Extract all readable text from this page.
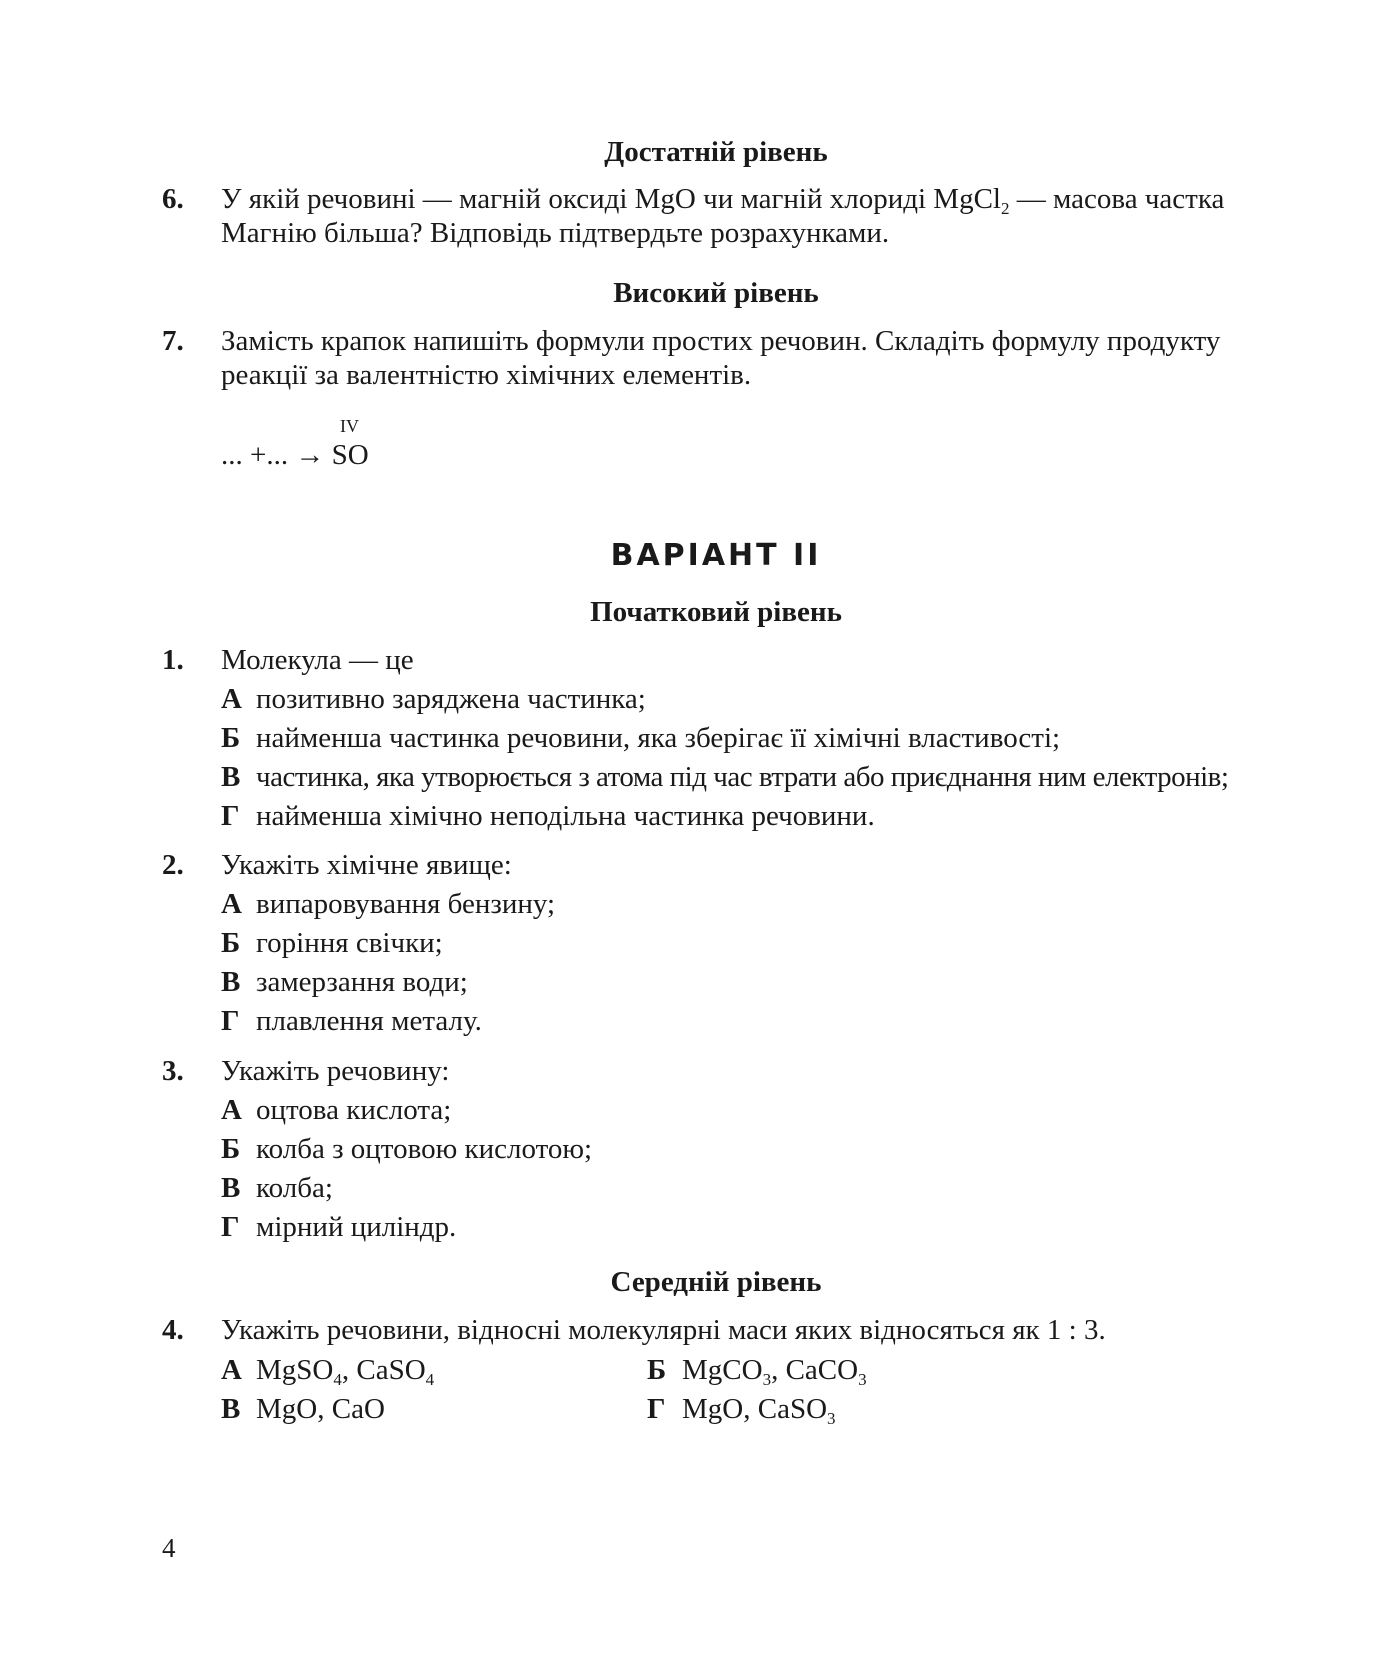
Достатній рівень
6. У якій речовині — магній оксиді MgO чи магній хлориді MgCl$_2$ — масова частка
Магнію більша? Відповідь підтвердьте розрахунками.
Високий рівень
7. Замість крапок напишіть формули простих речовин. Складіть формулу продукту
реакції за валентністю хімічних елементів.
IV
... +... → SO
ВАРІАНТ II
Початковий рівень
1. Молекула — це
А позитивно заряджена частинка;
Б найменша частинка речовини, яка зберігає її хімічні властивості;
В частинка, яка утворюється з атома під час втрати або приєднання ним електронів;
Г найменша хімічно неподільна частинка речовини.
2. Укажіть хімічне явище:
А випаровування бензину;
Б горіння свічки;
В замерзання води;
Г плавлення металу.
3. Укажіть речовину:
А оцтова кислота;
Б колба з оцтовою кислотою;
В колба;
Г мірний циліндр.
Середній рівень
4. Укажіть речовини, відносні молекулярні маси яких відносяться як 1 : 3.
А MgSO$_4$, CaSO$_4$	Б MgCO$_3$, CaCO$_3$
В MgO, CaO	Г MgO, CaSO$_3$
4
